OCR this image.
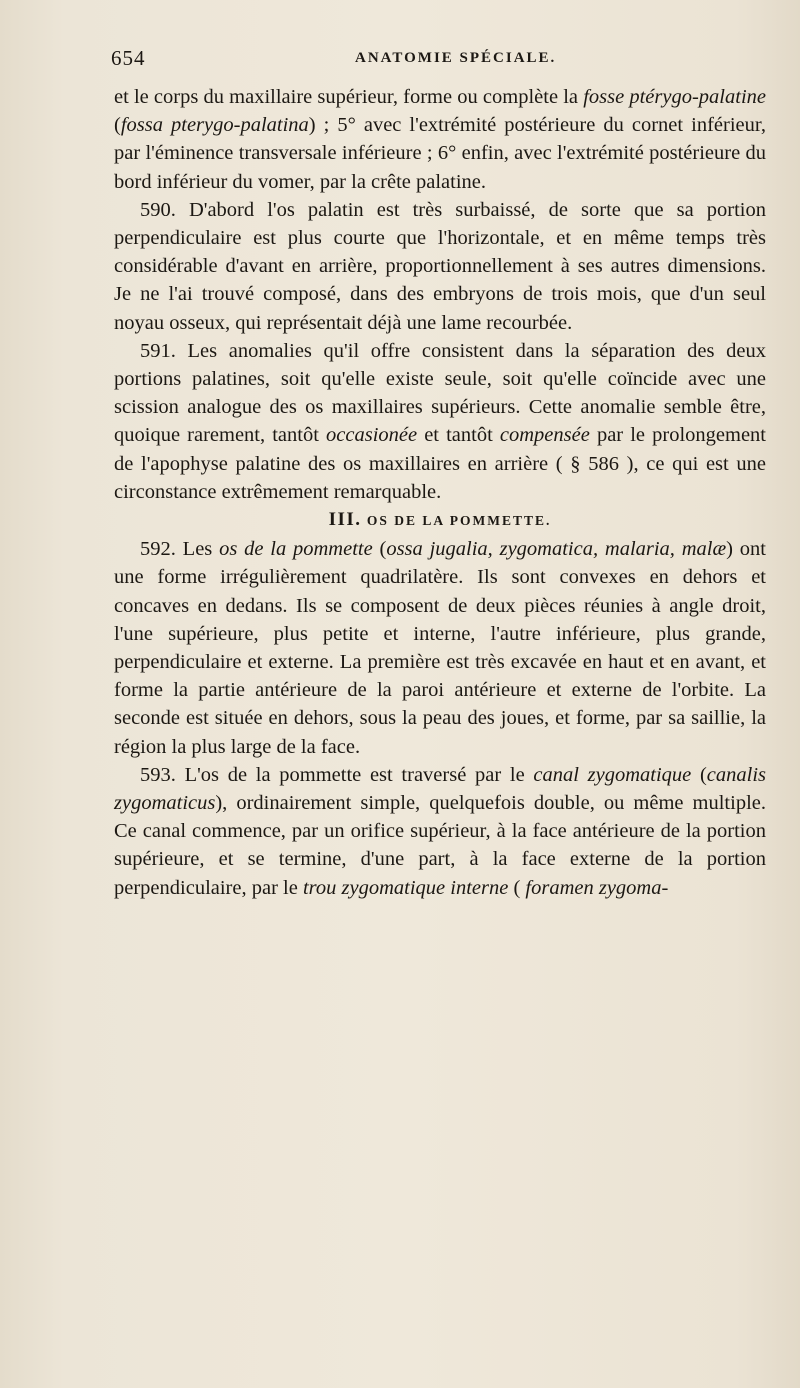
654	ANATOMIE SPÉCIALE.

et le corps du maxillaire supérieur, forme ou complète la fosse ptérygo-palatine (fossa pterygo-palatina) ; 5° avec l'extrémité postérieure du cornet inférieur, par l'éminence transversale inférieure ; 6° enfin, avec l'extrémité postérieure du bord inférieur du vomer, par la crête palatine.

590. D'abord l'os palatin est très surbaissé, de sorte que sa portion perpendiculaire est plus courte que l'horizontale, et en même temps très considérable d'avant en arrière, proportionnellement à ses autres dimensions. Je ne l'ai trouvé composé, dans des embryons de trois mois, que d'un seul noyau osseux, qui représentait déjà une lame recourbée.

591. Les anomalies qu'il offre consistent dans la séparation des deux portions palatines, soit qu'elle existe seule, soit qu'elle coïncide avec une scission analogue des os maxillaires supérieurs. Cette anomalie semble être, quoique rarement, tantôt occasionée et tantôt compensée par le prolongement de l'apophyse palatine des os maxillaires en arrière ( § 586 ), ce qui est une circonstance extrêmement remarquable.

III. OS DE LA POMMETTE.

592. Les os de la pommette (ossa jugalia, zygomatica, malaria, malæ) ont une forme irrégulièrement quadrilatère. Ils sont convexes en dehors et concaves en dedans. Ils se composent de deux pièces réunies à angle droit, l'une supérieure, plus petite et interne, l'autre inférieure, plus grande, perpendiculaire et externe. La première est très excavée en haut et en avant, et forme la partie antérieure de la paroi antérieure et externe de l'orbite. La seconde est située en dehors, sous la peau des joues, et forme, par sa saillie, la région la plus large de la face.

593. L'os de la pommette est traversé par le canal zygomatique (canalis zygomaticus), ordinairement simple, quelquefois double, ou même multiple. Ce canal commence, par un orifice supérieur, à la face antérieure de la portion supérieure, et se termine, d'une part, à la face externe de la portion perpendiculaire, par le trou zygomatique interne ( foramen zygoma-
